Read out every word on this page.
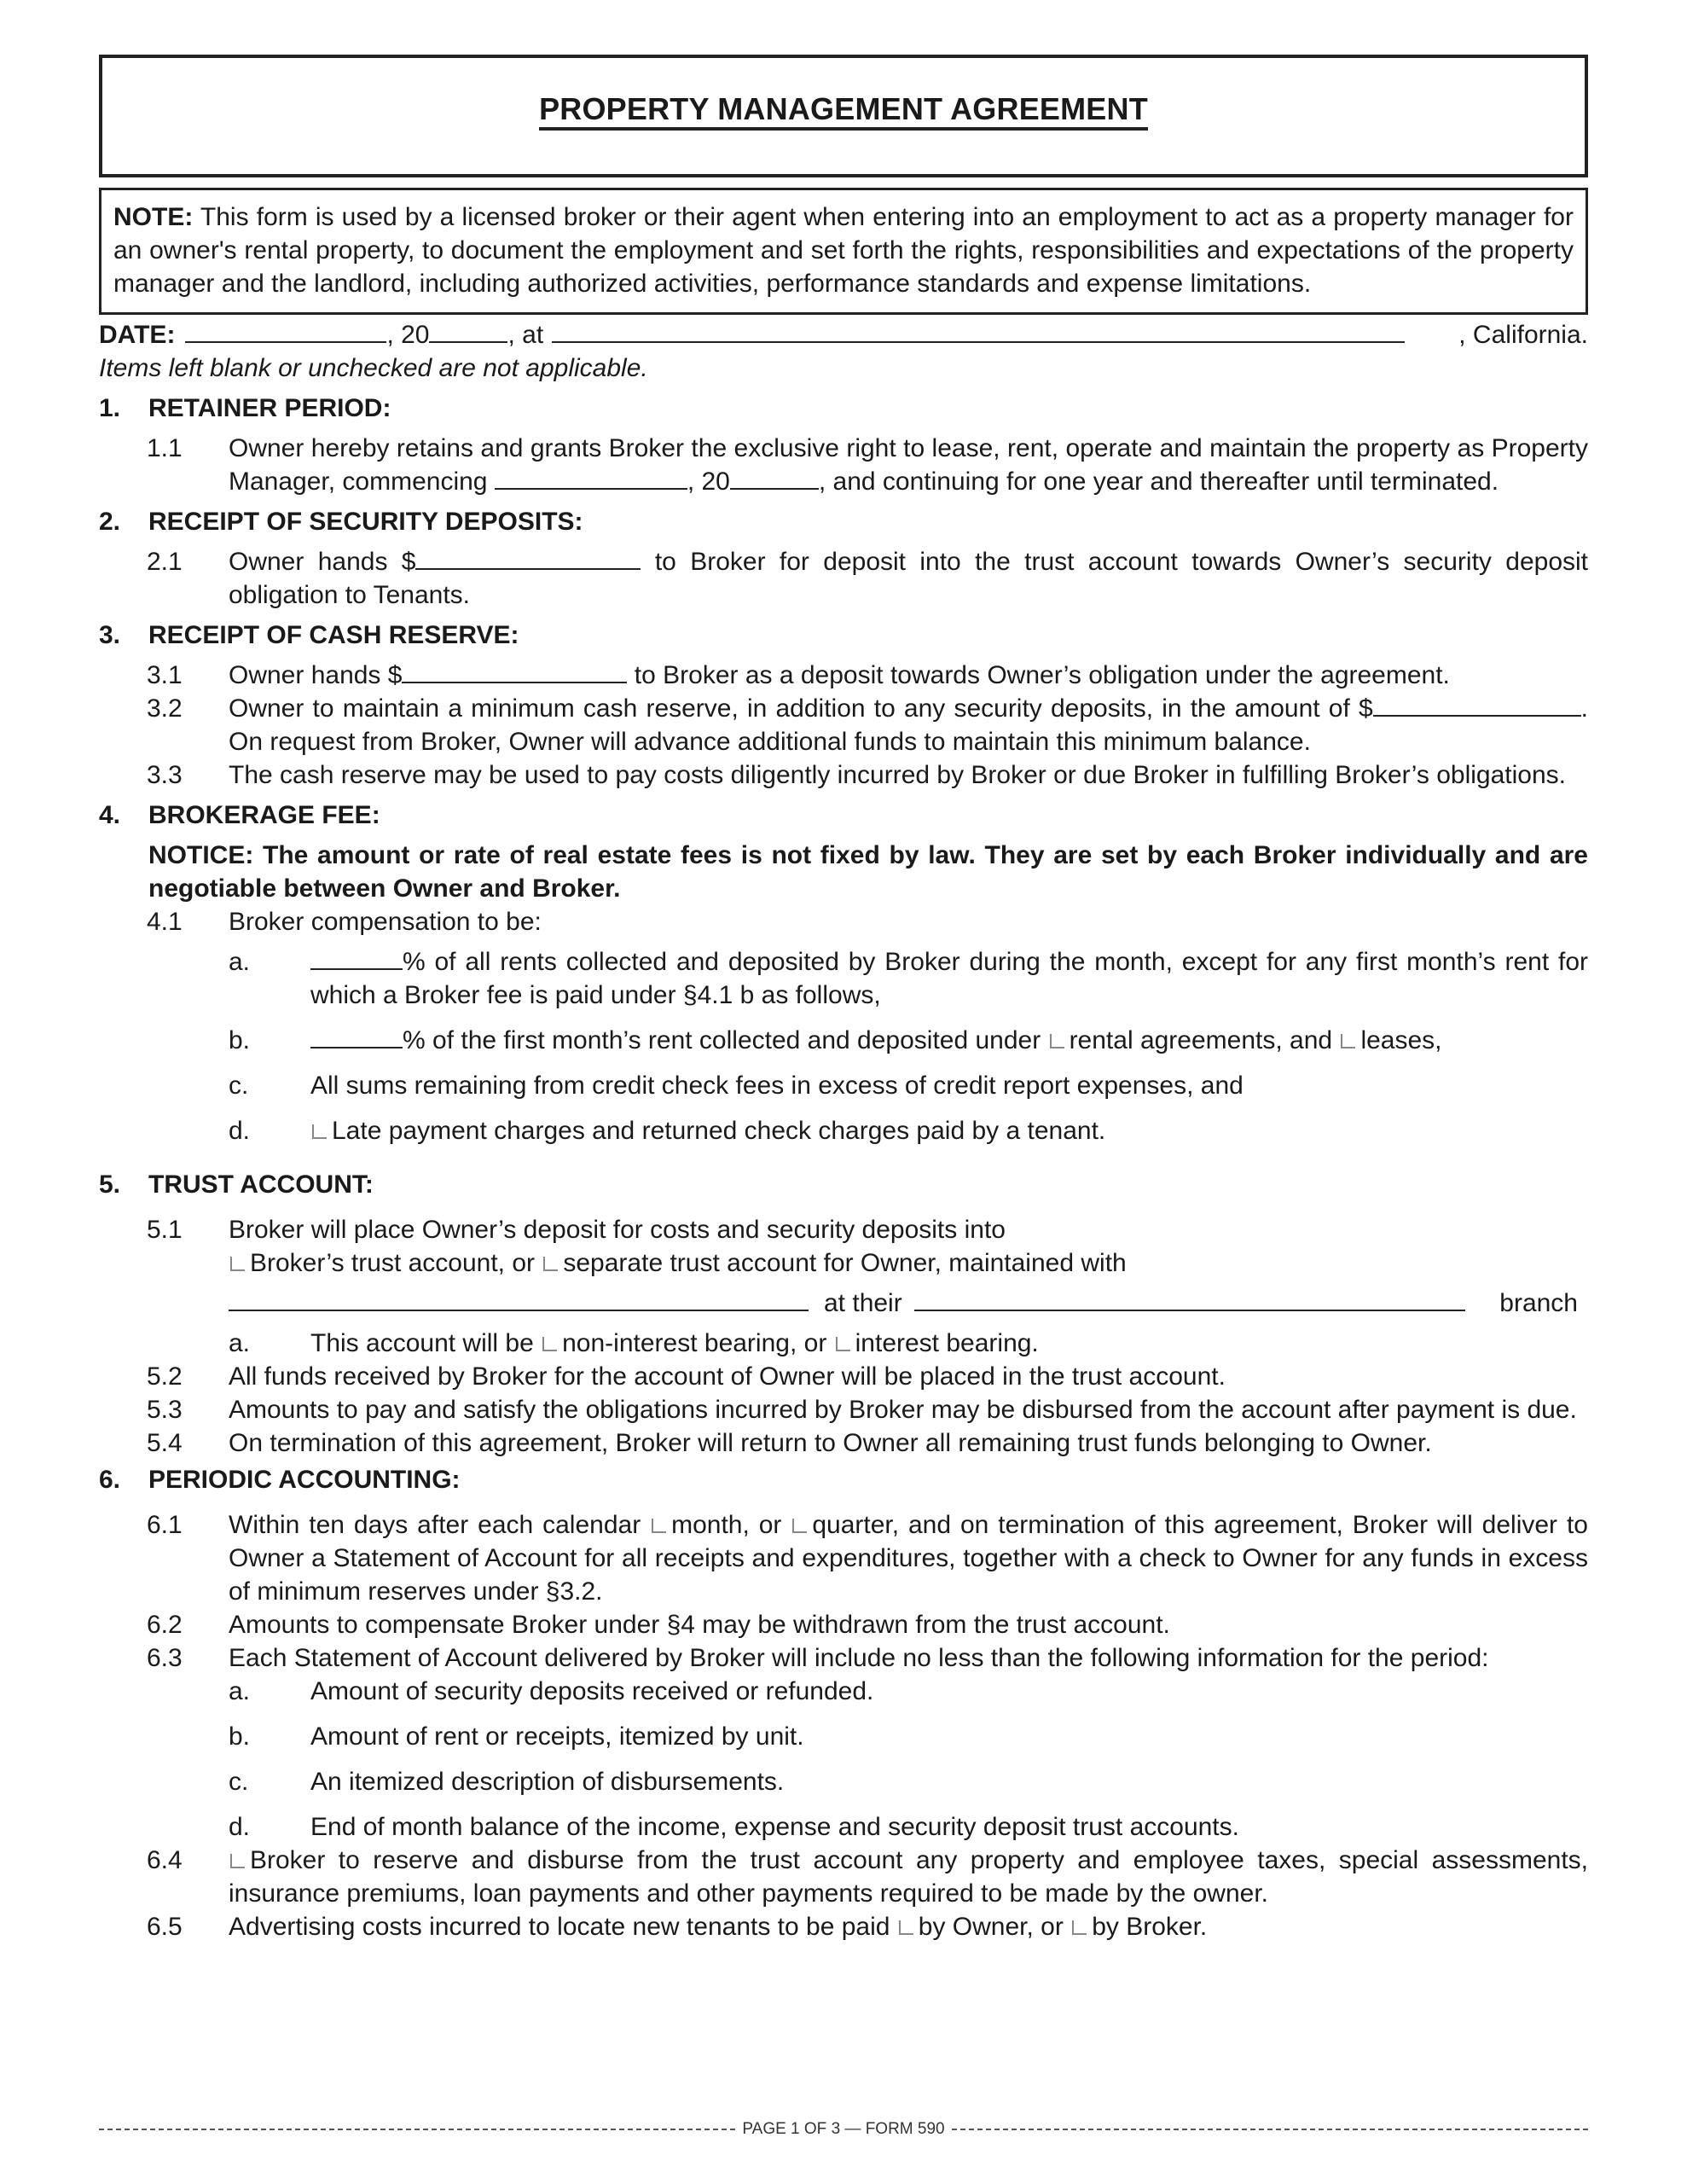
PROPERTY MANAGEMENT AGREEMENT
NOTE: This form is used by a licensed broker or their agent when entering into an employment to act as a property manager for an owner's rental property, to document the employment and set forth the rights, responsibilities and expectations of the property manager and the landlord, including authorized activities, performance standards and expense limitations.
DATE:	, 20	, at	, California.
Items left blank or unchecked are not applicable.
1. RETAINER PERIOD:
1.1 Owner hereby retains and grants Broker the exclusive right to lease, rent, operate and maintain the property as Property Manager, commencing	, 20	, and continuing for one year and thereafter until terminated.
2. RECEIPT OF SECURITY DEPOSITS:
2.1 Owner hands $	to Broker for deposit into the trust account towards Owner’s security deposit obligation to Tenants.
3. RECEIPT OF CASH RESERVE:
3.1 Owner hands $	to Broker as a deposit towards Owner’s obligation under the agreement.
3.2 Owner to maintain a minimum cash reserve, in addition to any security deposits, in the amount of $	. On request from Broker, Owner will advance additional funds to maintain this minimum balance.
3.3 The cash reserve may be used to pay costs diligently incurred by Broker or due Broker in fulfilling Broker’s obligations.
4. BROKERAGE FEE:
NOTICE: The amount or rate of real estate fees is not fixed by law. They are set by each Broker individually and are negotiable between Owner and Broker.
4.1 Broker compensation to be:
a.	% of all rents collected and deposited by Broker during the month, except for any first month’s rent for which a Broker fee is paid under §4.1 b as follows,
b.	% of the first month’s rent collected and deposited under rental agreements, and leases,
c. All sums remaining from credit check fees in excess of credit report expenses, and
d.	Late payment charges and returned check charges paid by a tenant.
5. TRUST ACCOUNT:
5.1 Broker will place Owner’s deposit for costs and security deposits into
Broker’s trust account, or separate trust account for Owner, maintained with
at their	branch
a. This account will be non-interest bearing, or interest bearing.
5.2 All funds received by Broker for the account of Owner will be placed in the trust account.
5.3 Amounts to pay and satisfy the obligations incurred by Broker may be disbursed from the account after payment is due.
5.4 On termination of this agreement, Broker will return to Owner all remaining trust funds belonging to Owner.
6. PERIODIC ACCOUNTING:
6.1 Within ten days after each calendar month, or quarter, and on termination of this agreement, Broker will deliver to Owner a Statement of Account for all receipts and expenditures, together with a check to Owner for any funds in excess of minimum reserves under §3.2.
6.2 Amounts to compensate Broker under §4 may be withdrawn from the trust account.
6.3 Each Statement of Account delivered by Broker will include no less than the following information for the period:
a. Amount of security deposits received or refunded.
b. Amount of rent or receipts, itemized by unit.
c. An itemized description of disbursements.
d. End of month balance of the income, expense and security deposit trust accounts.
6.4	Broker to reserve and disburse from the trust account any property and employee taxes, special assessments, insurance premiums, loan payments and other payments required to be made by the owner.
6.5 Advertising costs incurred to locate new tenants to be paid by Owner, or by Broker.
PAGE 1 OF 3 — FORM 590
